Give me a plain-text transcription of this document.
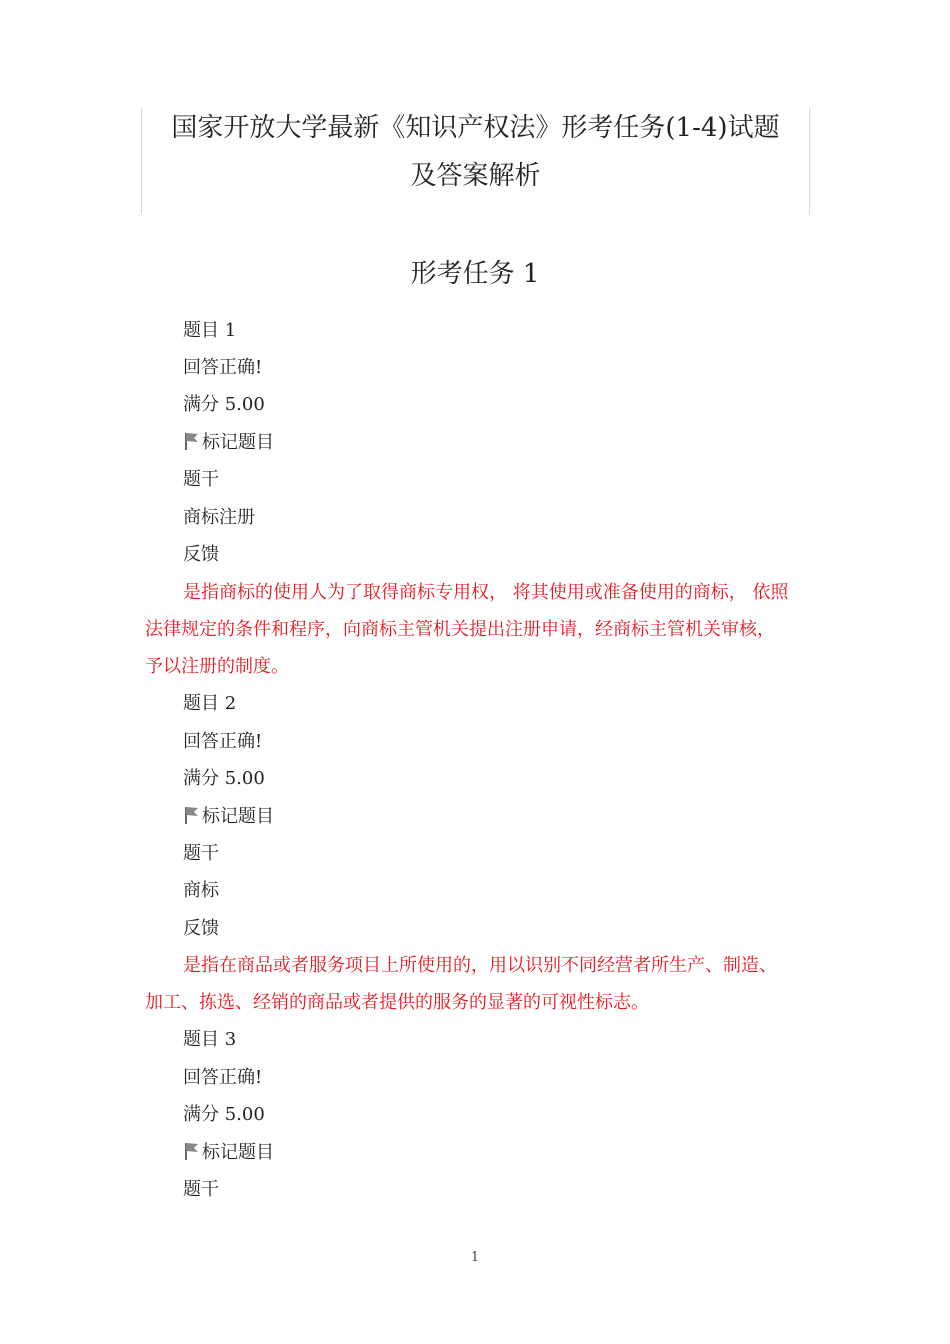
国家开放大学最新《知识产权法》形考任务(1-4)试题
及答案解析
形考任务 1
题目 1
回答正确!
满分 5.00
标记题目
题干
商标注册
反馈
是指商标的使用人为了取得商标专用权， 将其使用或准备使用的商标， 依照
法律规定的条件和程序，向商标主管机关提出注册申请，经商标主管机关审核，
予以注册的制度。
题目 2
回答正确!
满分 5.00
标记题目
题干
商标
反馈
是指在商品或者服务项目上所使用的，用以识别不同经营者所生产、制造、
加工、拣选、经销的商品或者提供的服务的显著的可视性标志。
题目 3
回答正确!
满分 5.00
标记题目
题干
1
